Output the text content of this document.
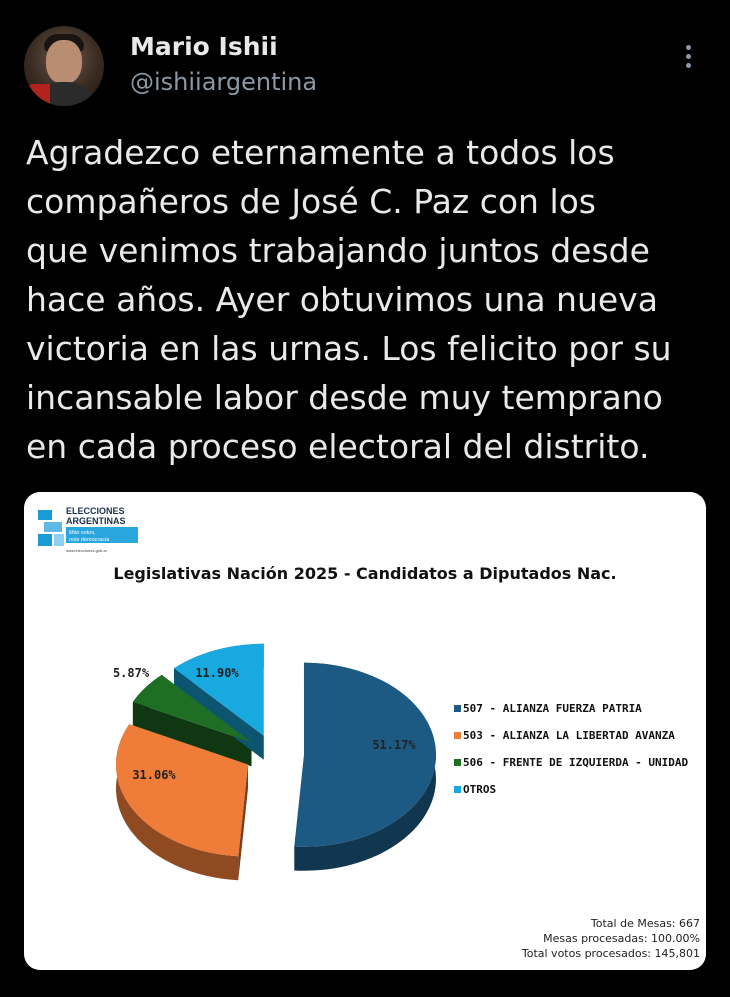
Mario Ishii
@ishiiargentina
Agradezco eternamente a todos los
compañeros de José C. Paz con los
que venimos trabajando juntos desde
hace años. Ayer obtuvimos una nueva
victoria en las urnas. Los felicito por su
incansable labor desde muy temprano
en cada proceso electoral del distrito.
ELECCIONES
ARGENTINAS
Más votos,
más democracia
www.elecciones.gob.ar
Legislativas Nación 2025 - Candidatos a Diputados Nac.
51.17%
31.06%
5.87%	11.90%
507 - ALIANZA FUERZA PATRIA
503 - ALIANZA LA LIBERTAD AVANZA
506 - FRENTE DE IZQUIERDA - UNIDAD
OTROS
Total de Mesas: 667
Mesas procesadas: 100.00%
Total votos procesados: 145,801
